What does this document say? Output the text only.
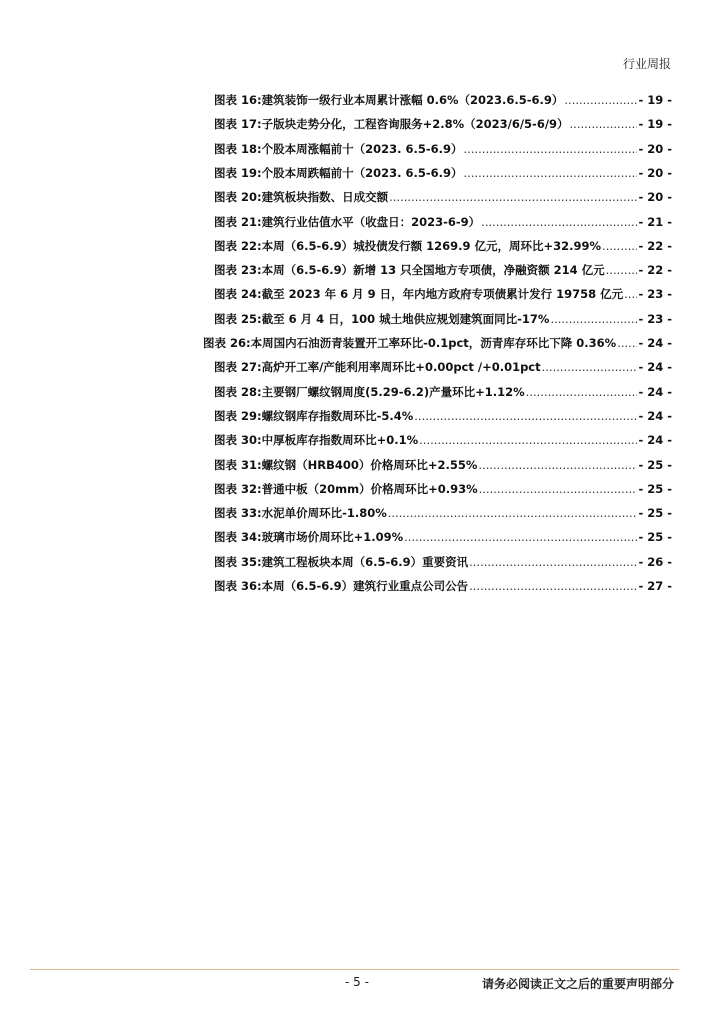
行业周报
图表 16: 建筑装饰一级行业本周累计涨幅 0.6%（2023.6.5-6.9） .....	- 19 -
图表 17: 子版块走势分化，工程咨询服务+2.8%（2023/6/5-6/9） .....	- 19 -
图表 18: 个股本周涨幅前十（2023. 6.5-6.9） .....	- 20 -
图表 19: 个股本周跌幅前十（2023. 6.5-6.9） .....	- 20 -
图表 20: 建筑板块指数、日成交额 .....	- 20 -
图表 21: 建筑行业估值水平（收盘日：2023-6-9） .....	- 21 -
图表 22: 本周（6.5-6.9）城投债发行额 1269.9 亿元，周环比+32.99% .....	- 22 -
图表 23: 本周（6.5-6.9）新增 13 只全国地方专项债，净融资额 214 亿元 .....	- 22 -
图表 24: 截至 2023 年 6 月 9 日，年内地方政府专项债累计发行 19758 亿元 ..... - 23 -
图表 25: 截至 6 月 4 日，100 城土地供应规划建筑面同比-17% .....	- 23 -
图表 26: 本周国内石油沥青装置开工率环比-0.1pct，沥青库存环比下降 0.36% ..... - 24 -
图表 27: 高炉开工率/产能利用率周环比+0.00pct /+0.01pct .....	- 24 -
图表 28: 主要钢厂螺纹钢周度(5.29-6.2)产量环比+1.12% .....	- 24 -
图表 29: 螺纹钢库存指数周环比-5.4% .....	- 24 -
图表 30: 中厚板库存指数周环比+0.1% .....	- 24 -
图表 31: 螺纹钢（HRB400）价格周环比+2.55% .....	- 25 -
图表 32: 普通中板（20mm）价格周环比+0.93% .....	- 25 -
图表 33: 水泥单价周环比-1.80% .....	- 25 -
图表 34: 玻璃市场价周环比+1.09% .....	- 25 -
图表 35: 建筑工程板块本周（6.5-6.9）重要资讯 .....	- 26 -
图表 36: 本周（6.5-6.9）建筑行业重点公司公告 .....	- 27 -
- 5 -	请务必阅读正文之后的重要声明部分
